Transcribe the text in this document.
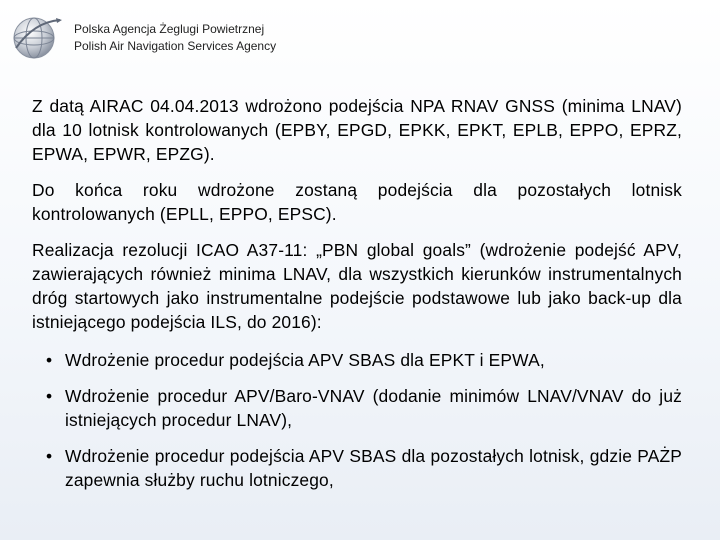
Polska Agencja Żeglugi Powietrznej
Polish Air Navigation Services Agency

Z datą AIRAC 04.04.2013 wdrożono podejścia NPA RNAV GNSS (minima LNAV) dla 10 lotnisk kontrolowanych (EPBY, EPGD, EPKK, EPKT, EPLB, EPPO, EPRZ, EPWA, EPWR, EPZG).

Do końca roku wdrożone zostaną podejścia dla pozostałych lotnisk kontrolowanych (EPLL, EPPO, EPSC).

Realizacja rezolucji ICAO A37-11: „PBN global goals” (wdrożenie podejść APV, zawierających również minima LNAV, dla wszystkich kierunków instrumentalnych dróg startowych jako instrumentalne podejście podstawowe lub jako back-up dla istniejącego podejścia ILS, do 2016):

• Wdrożenie procedur podejścia APV SBAS dla EPKT i EPWA,
• Wdrożenie procedur APV/Baro-VNAV (dodanie minimów LNAV/VNAV do już istniejących procedur LNAV),
• Wdrożenie procedur podejścia APV SBAS dla pozostałych lotnisk, gdzie PAŻP zapewnia służby ruchu lotniczego,
